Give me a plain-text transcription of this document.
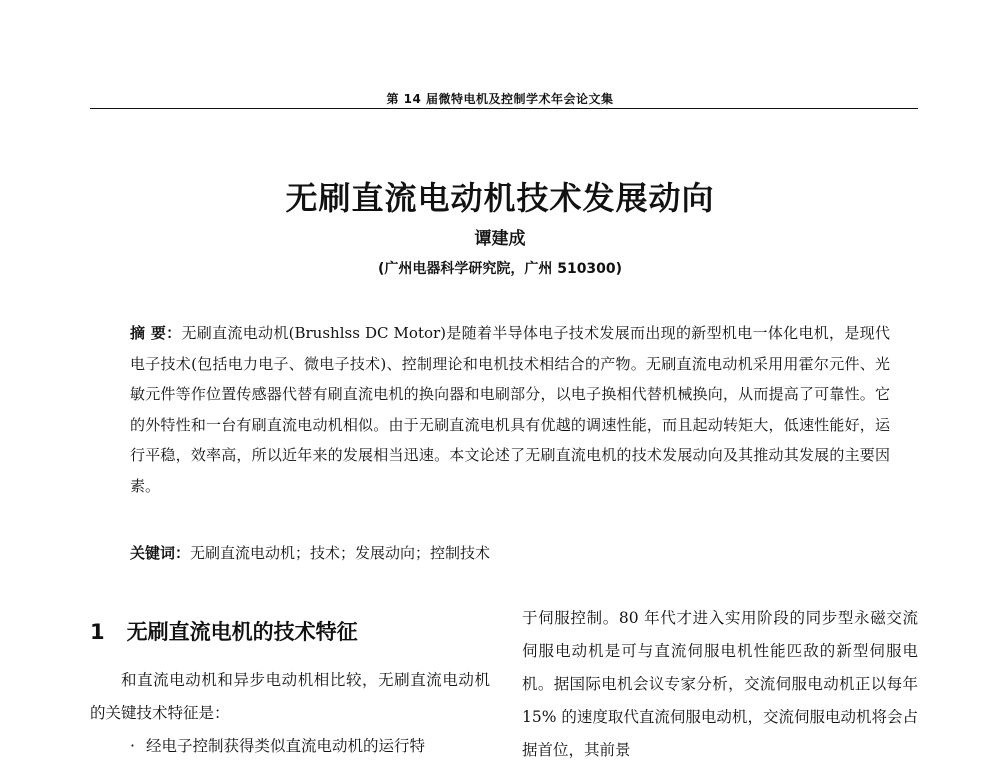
第 14 届微特电机及控制学术年会论文集
无刷直流电动机技术发展动向
谭建成
(广州电器科学研究院，广州 510300)

摘 要：无刷直流电动机(Brushlss DC Motor)是随着半导体电子技术发展而出现的新型机电一体化电机，是现代电子技术(包括电力电子、微电子技术)、控制理论和电机技术相结合的产物。无刷直流电动机采用用霍尔元件、光敏元件等作位置传感器代替有刷直流电机的换向器和电刷部分，以电子换相代替机械换向，从而提高了可靠性。它的外特性和一台有刷直流电动机相似。由于无刷直流电机具有优越的调速性能，而且起动转矩大，低速性能好，运行平稳，效率高，所以近年来的发展相当迅速。本文论述了无刷直流电机的技术发展动向及其推动其发展的主要因素。

关键词：无刷直流电动机；技术；发展动向；控制技术

1 无刷直流电机的技术特征

和直流电动机和异步电动机相比较，无刷直流电动机的关键技术特征是：

· 经电子控制获得类似直流电动机的运行特

于伺服控制。80 年代才进入实用阶段的同步型永磁交流伺服电动机是可与直流伺服电机性能匹敌的新型伺服电机。据国际电机会议专家分析，交流伺服电动机正以每年 15% 的速度取代直流伺服电动机，交流伺服电动机将会占据首位，其前景
